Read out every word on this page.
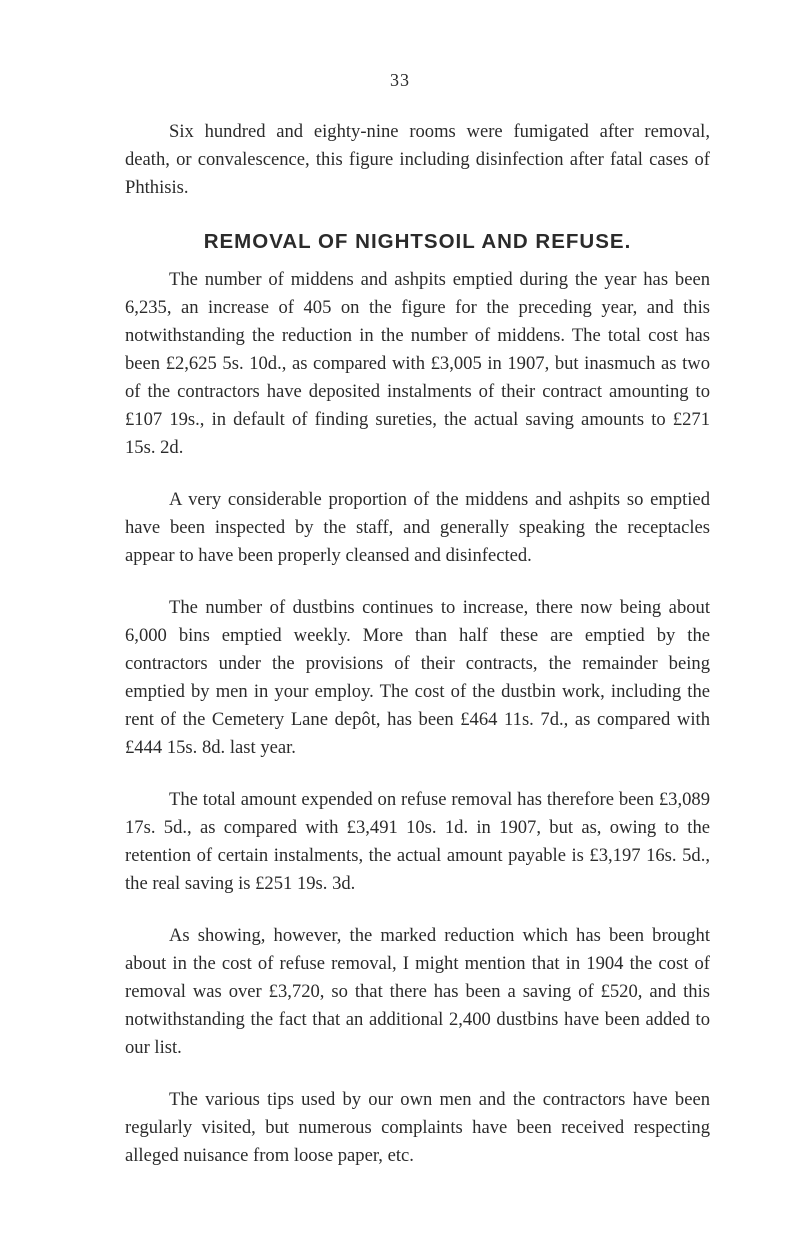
33

Six hundred and eighty-nine rooms were fumigated after removal, death, or convalescence, this figure including disinfection after fatal cases of Phthisis.

REMOVAL OF NIGHTSOIL AND REFUSE.

The number of middens and ashpits emptied during the year has been 6,235, an increase of 405 on the figure for the preceding year, and this notwithstanding the reduction in the number of middens. The total cost has been £2,625 5s. 10d., as compared with £3,005 in 1907, but inasmuch as two of the contractors have deposited instalments of their contract amounting to £107 19s., in default of finding sureties, the actual saving amounts to £271 15s. 2d.

A very considerable proportion of the middens and ashpits so emptied have been inspected by the staff, and generally speaking the receptacles appear to have been properly cleansed and disinfected.

The number of dustbins continues to increase, there now being about 6,000 bins emptied weekly. More than half these are emptied by the contractors under the provisions of their contracts, the remainder being emptied by men in your employ. The cost of the dustbin work, including the rent of the Cemetery Lane depôt, has been £464 11s. 7d., as compared with £444 15s. 8d. last year.

The total amount expended on refuse removal has therefore been £3,089 17s. 5d., as compared with £3,491 10s. 1d. in 1907, but as, owing to the retention of certain instalments, the actual amount payable is £3,197 16s. 5d., the real saving is £251 19s. 3d.

As showing, however, the marked reduction which has been brought about in the cost of refuse removal, I might mention that in 1904 the cost of removal was over £3,720, so that there has been a saving of £520, and this notwithstanding the fact that an additional 2,400 dustbins have been added to our list.

The various tips used by our own men and the contractors have been regularly visited, but numerous complaints have been received respecting alleged nuisance from loose paper, etc.
